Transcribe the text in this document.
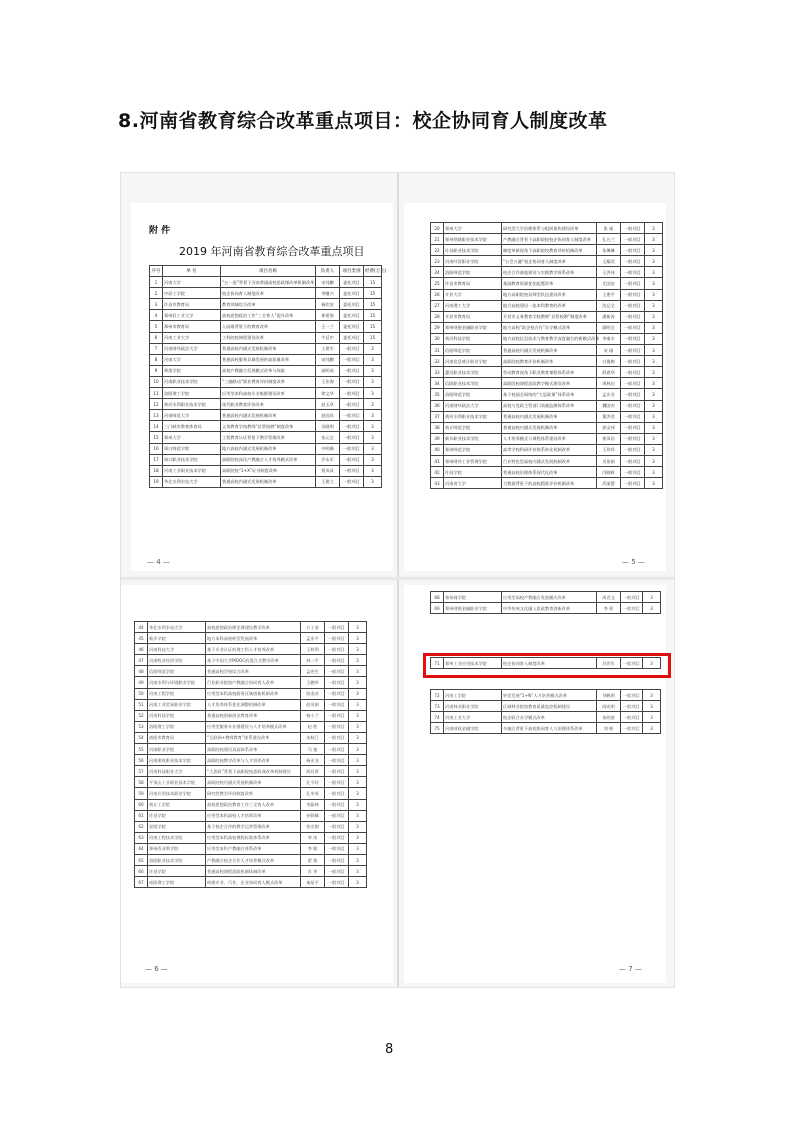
8.河南省教育综合改革重点项目：校企协同育人制度改革
附 件
2019 年河南省教育综合改革重点项目
序号	单 位	项目名称	负责人	项目类别	经费(万元)
1	河南大学	“五一进”背景下河南普通高校思政课改革机制改革	宋纯鹏	委托项目	15
2	中原工学院	校企协同育人制度改革	李继兴	委托项目	15
3	许昌市教育局	教育领域综合改革	杨钦安	委托项目	15
4	郑州轻工业大学	高校思想政治工作“三全育人”提升改革	崔建海	委托项目	15
5	郑州市教育局	入园难背景下的教育改革	王一兰	委托项目	15
6	河南工业大学	工科院校课程建设改革	牛廷中	委托项目	15
7	河南财经政法大学	普通高校内涵式发展机制改革	王建军	一般项目	3
8	河南大学	普通高校服务县域发展的高质量改革	宋纯鹏	一般项目	3
9	黄淮学院	高校产教融合发展模式改革与探索	高明成	一般项目	3
10	河南职业技术学院	“三融联动”职业教育评价制度改革	王东海	一般项目	3
11	洛阳理工学院	应用型本科高校专业集群建设改革	徐文华	一般项目	3
12	黄河水利职业技术学院	现代职业教育评价改革	赵玉华	一般项目	3
13	河南师范大学	普通高校内涵式发展机制改革	赵国祥	一般项目	3
14	三门峡市教育体育局	义务教育学校教师“县管校聘”制度改革	吴晓明	一般项目	3
15	郑州大学	工程教育认证背景下教学管理改革	张元宝	一般项目	3
16	周口师范学院	地方高校内涵式发展机制改革	中明峰	一般项目	3
17	周口职业技术学院	高职院校深化产教融合人才培养模式改革	乔永军	一般项目	3
18	河南工业职业技术学院	高职院校“1+X”证书制度改革	贾凤成	一般项目	3
19	华北水利水电大学	普通高校内涵式发展机制改革	王建立	一般项目	3
— 4 —
20	郑州大学	研究型大学治理体系与组织架构建设改革	张 威	一般项目	3
21	郑州铁路职业技术学院	产教融合背景下高职院校校企协同育人制度改革	孔凡兰	一般项目	3
22	许昌职业技术学院	制度革新视角下高职院校教育评价机制改革	张琳琳	一般项目	3
23	河南经贸职业学院	“五会五融”校企协同育人制度改革	王耀武	一般项目	3
24	洛阳师范学院	校企合作基地建设与实践教学体系改革	王洪伟	一般项目	3
25	许昌市教育局	基础教育资源优化配置改革	尤国安	一般项目	3
26	开封大学	地方高职院校双师型队伍建设改革	王建平	一般项目	3
27	河南理工大学	地方高校建设一流本科教育的改革	沈记全	一般项目	3
28	开封市教育局	开封市义务教育学校教师“县管校聘”制度改革	潘新涛	一般项目	3
29	郑州财税金融职业学院	地方高校“政企校合作”办学模式改革	廖明全	一般项目	3
30	黄河科技学院	地方高校信息技术与教育教学深度融合的新模式改革	李秦丰	一般项目	3
31	信阳师范学院	普通高校内涵式发展机制改革	宋 刚	一般项目	3
32	河南信息统计职业学院	高职院校教育评价机制改革	白俊梅	一般项目	3
33	漯河职业技术学院	劳动教育视角下职业教育课程体系改革	薛春华	一般项目	3
34	信阳职业技术学院	高职院校课程思政教学模式建设改革	周林启	一般项目	3
35	洛阳师范学院	基于校园全网络的“大思政课”体系改革	孟庆芳	一般项目	3
36	河南财经政法大学	高校与党政主管部门质量监测体系改革	魏国杰	一般项目	3
37	黄河水利职业技术学院	普通高校内涵式发展机制改革	董洪君	一般项目	3
38	商丘师范学院	普通高校内涵式发展机制改革	郭文伟	一般项目	3
39	新乡职业技术学院	人才培养模式与课程体系建设改革	崔凤岩	一般项目	3
40	郑州师范学院	高等学校科研评价体系转化机制改革	王珍珍	一般项目	3
41	郑州财经工业管理学院	行业特色型高校内涵式发展机制改革	吴景娟	一般项目	3
42	许昌学院	普通高校治理体系现代化改革	闫晓辉	一般项目	3
43	河南省大学	大数据背景下的高校精准评价机制改革	武丽慧	一般项目	3
— 5 —
44	华北水利水电大学	高校思想政治理论课建设教学改革	万子金	一般项目	3
45	新乡学院	地方本科高校转型发展改革	孟亚平	一般项目	3
46	河南科技大学	基于专业认证的理工科人才培养改革	王辉利	一般项目	3
47	河南牧业经济学院	基于中国大学MOOC的混合式教学改革	林二平	一般项目	3
48	信阳师范学院	普通高校学校综合改革	孟宪生	一般项目	3
49	河南水利与环境职业学院	行业职业院校产教融合协同育人改革	王鹏举	一般项目	3
50	河南工程学院	应用型本科高校服务区域创新机制改革	陈金武	一般项目	3
51	河南工业贸易职业学院	人才培养体系优化调整机制改革	赵凤娟	一般项目	3
52	河南科技学院	普通高校创新创业教育改革	杨小兰	一般项目	3
53	洛阳理工学院	应用型服务专业群建设与人才培养模式改革	赵 胜	一般项目	3
54	南阳市教育局	“互联网+教师教育”体系建设改革	朱秋江	一般项目	3
55	河南职业学院	高职院校建设双高体系改革	马 骏	一般项目	3
56	河南建筑职业技术学院	高职院校教学改革与人才培养改革	杨亚龙	一般项目	3
57	河南科技职业大学	“大思政”背景下高职院校思政课改革机制建设	胡其厚	一般项目	3
58	平顶山工业职业技术学院	高职院校内涵式发展机制改革	孔令玲	一般项目	3
59	河南应用技术职业学院	研究性教学评价制度改革	孔冬英	一般项目	3
60	商丘工学院	高校思想政治教育工作三全育人改革	李振林	一般项目	3
61	许昌学院	应用型本科高校人才培养改革	孙铁峰	一般项目	3
62	安阳学院	基于校企合作的教学运营管理改革	张宗娟	一般项目	3
63	河南工程技术学院	应用型本科高校课程标准体系改革	李 冰	一般项目	3
64	郑州西亚斯学院	应用型本科产教融合体系改革	李 敏	一般项目	3
65	洛阳职业技术学院	产教融合校企合作人才培养模式改革	翟 翔	一般项目	3
66	许昌学院	普通高校课程思政机制体制改革	肖 华	一般项目	3
67	南阳理工学院	构建专业、行业、企业协同育人模式改革	秦星平	一般项目	3
— 6 —
68	郑州商学院	应用型高校产教融合发展模式改革	周君文	一般项目	3
69	郑州财税金融职业学院	中华传统文化融入思政教育创新改革	李 瑶	一般项目	3
71	郑州工业应用技术学院	校企协同育人制度改革	苏世军	一般项目	3
72	河南工学院	转型发展“1+N”人才培养模式改革	刘鹤明	一般项目	3
73	河南林业职业学院	区域林业院校教育质量监控机制建设	阎宪明	一般项目	3
74	河南工业大学	校企联合办学模式改革	朱明波	一般项目	3
75	河南财政金融学院	多融合背景下高校协同育人与治理体系改革	刘 彬	一般项目	3
— 7 —
8
